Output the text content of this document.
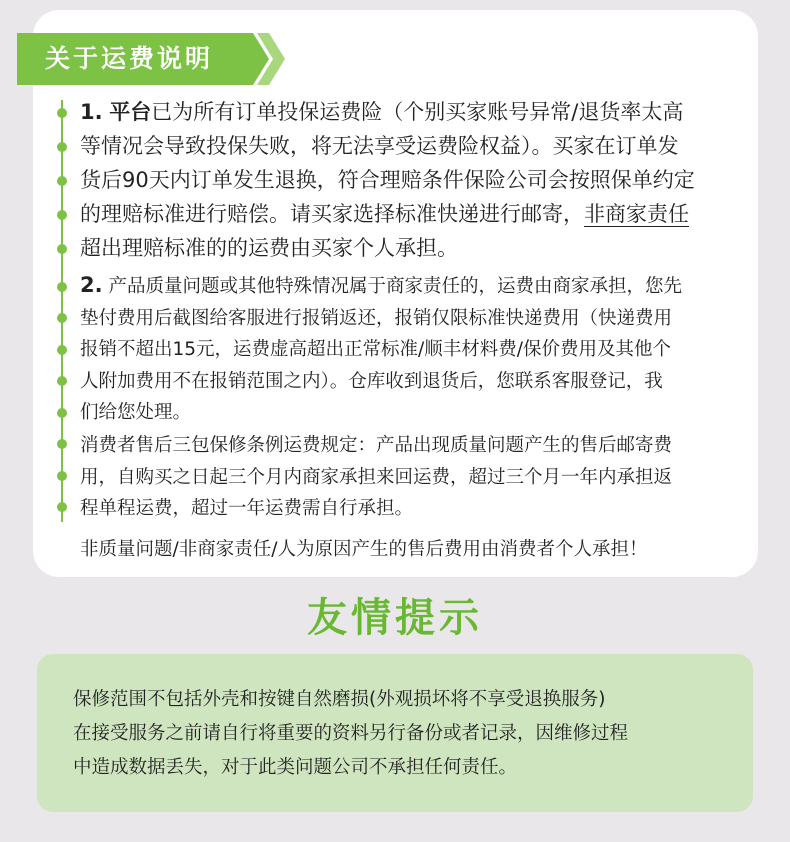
关于运费说明
1. 平台已为所有订单投保运费险（个别买家账号异常/退货率太高
等情况会导致投保失败，将无法享受运费险权益）。买家在订单发
货后90天内订单发生退换，符合理赔条件保险公司会按照保单约定
的理赔标准进行赔偿。请买家选择标准快递进行邮寄，非商家责任
超出理赔标准的的运费由买家个人承担。
2. 产品质量问题或其他特殊情况属于商家责任的，运费由商家承担，您先
垫付费用后截图给客服进行报销返还，报销仅限标准快递费用（快递费用
报销不超出15元，运费虚高超出正常标准/顺丰材料费/保价费用及其他个
人附加费用不在报销范围之内）。仓库收到退货后，您联系客服登记，我
们给您处理。
消费者售后三包保修条例运费规定：产品出现质量问题产生的售后邮寄费
用，自购买之日起三个月内商家承担来回运费，超过三个月一年内承担返
程单程运费，超过一年运费需自行承担。
非质量问题/非商家责任/人为原因产生的售后费用由消费者个人承担！
友情提示
保修范围不包括外壳和按键自然磨损(外观损坏将不享受退换服务)
在接受服务之前请自行将重要的资料另行备份或者记录，因维修过程
中造成数据丢失，对于此类问题公司不承担任何责任。
